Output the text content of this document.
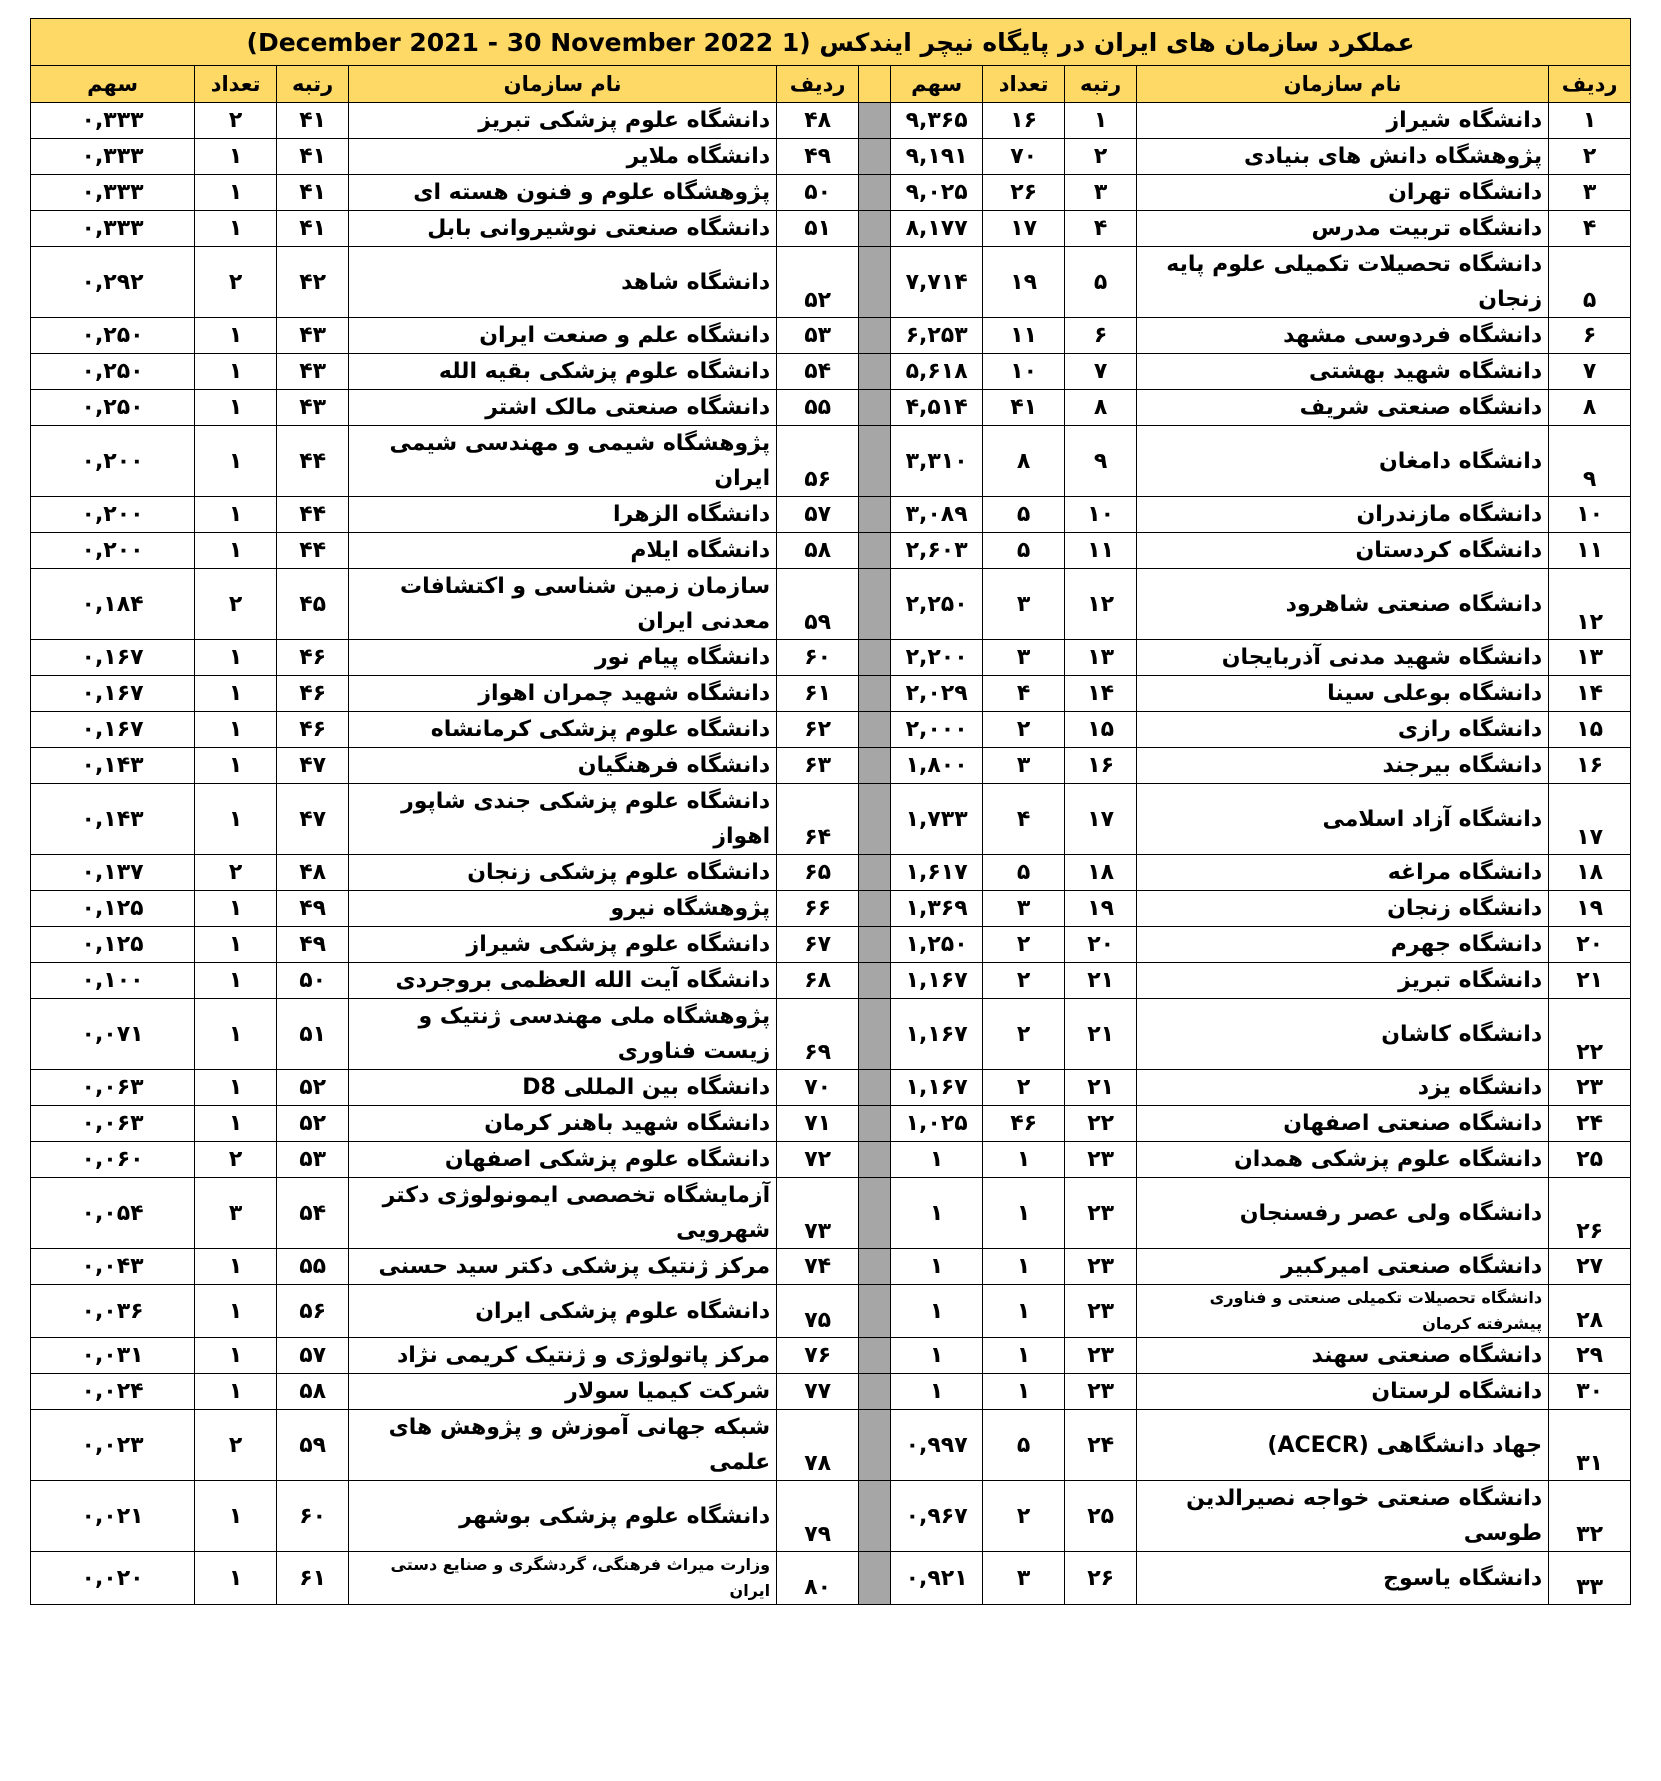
عملکرد سازمان های ایران در پایگاه نیچر ایندکس (1 December 2021 - 30 November 2022)										
ردیف	نام سازمان	رتبه	تعداد	سهم		ردیف	نام سازمان	رتبه	تعداد	سهم
۱	دانشگاه شیراز	۱	۱۶	۹,۳۶۵		۴۸	دانشگاه علوم پزشکی تبریز	۴۱	۲	۰,۳۳۳
۲	پژوهشگاه دانش های بنیادی	۲	۷۰	۹,۱۹۱		۴۹	دانشگاه ملایر	۴۱	۱	۰,۳۳۳
۳	دانشگاه تهران	۳	۲۶	۹,۰۲۵		۵۰	پژوهشگاه علوم و فنون هسته ای	۴۱	۱	۰,۳۳۳
۴	دانشگاه تربیت مدرس	۴	۱۷	۸,۱۷۷		۵۱	دانشگاه صنعتی نوشیروانی بابل	۴۱	۱	۰,۳۳۳
۵	دانشگاه تحصیلات تکمیلی علوم پایه زنجان	۵	۱۹	۷,۷۱۴		۵۲	دانشگاه شاهد	۴۲	۲	۰,۲۹۲
۶	دانشگاه فردوسی مشهد	۶	۱۱	۶,۲۵۳		۵۳	دانشگاه علم و صنعت ایران	۴۳	۱	۰,۲۵۰
۷	دانشگاه شهید بهشتی	۷	۱۰	۵,۶۱۸		۵۴	دانشگاه علوم پزشکی بقیه الله	۴۳	۱	۰,۲۵۰
۸	دانشگاه صنعتی شریف	۸	۴۱	۴,۵۱۴		۵۵	دانشگاه صنعتی مالک اشتر	۴۳	۱	۰,۲۵۰
۹	دانشگاه دامغان	۹	۸	۳,۳۱۰		۵۶	پژوهشگاه شیمی و مهندسی شیمی ایران	۴۴	۱	۰,۲۰۰
۱۰	دانشگاه مازندران	۱۰	۵	۳,۰۸۹		۵۷	دانشگاه الزهرا	۴۴	۱	۰,۲۰۰
۱۱	دانشگاه کردستان	۱۱	۵	۲,۶۰۳		۵۸	دانشگاه ایلام	۴۴	۱	۰,۲۰۰
۱۲	دانشگاه صنعتی شاهرود	۱۲	۳	۲,۲۵۰		۵۹	سازمان زمین شناسی و اکتشافات معدنی ایران	۴۵	۲	۰,۱۸۴
۱۳	دانشگاه شهید مدنی آذربایجان	۱۳	۳	۲,۲۰۰		۶۰	دانشگاه پیام نور	۴۶	۱	۰,۱۶۷
۱۴	دانشگاه بوعلی سینا	۱۴	۴	۲,۰۲۹		۶۱	دانشگاه شهید چمران اهواز	۴۶	۱	۰,۱۶۷
۱۵	دانشگاه رازی	۱۵	۲	۲,۰۰۰		۶۲	دانشگاه علوم پزشکی کرمانشاه	۴۶	۱	۰,۱۶۷
۱۶	دانشگاه بیرجند	۱۶	۳	۱,۸۰۰		۶۳	دانشگاه فرهنگیان	۴۷	۱	۰,۱۴۳
۱۷	دانشگاه آزاد اسلامی	۱۷	۴	۱,۷۳۳		۶۴	دانشگاه علوم پزشکی جندی شاپور اهواز	۴۷	۱	۰,۱۴۳
۱۸	دانشگاه مراغه	۱۸	۵	۱,۶۱۷		۶۵	دانشگاه علوم پزشکی زنجان	۴۸	۲	۰,۱۳۷
۱۹	دانشگاه زنجان	۱۹	۳	۱,۳۶۹		۶۶	پژوهشگاه نیرو	۴۹	۱	۰,۱۲۵
۲۰	دانشگاه جهرم	۲۰	۲	۱,۲۵۰		۶۷	دانشگاه علوم پزشکی شیراز	۴۹	۱	۰,۱۲۵
۲۱	دانشگاه تبریز	۲۱	۲	۱,۱۶۷		۶۸	دانشگاه آیت الله العظمی بروجردی	۵۰	۱	۰,۱۰۰
۲۲	دانشگاه کاشان	۲۱	۲	۱,۱۶۷		۶۹	پژوهشگاه ملی مهندسی ژنتیک و زیست فناوری	۵۱	۱	۰,۰۷۱
۲۳	دانشگاه یزد	۲۱	۲	۱,۱۶۷		۷۰	دانشگاه بین المللی D8	۵۲	۱	۰,۰۶۳
۲۴	دانشگاه صنعتی اصفهان	۲۲	۴۶	۱,۰۲۵		۷۱	دانشگاه شهید باهنر کرمان	۵۲	۱	۰,۰۶۳
۲۵	دانشگاه علوم پزشکی همدان	۲۳	۱	۱		۷۲	دانشگاه علوم پزشکی اصفهان	۵۳	۲	۰,۰۶۰
۲۶	دانشگاه ولی عصر رفسنجان	۲۳	۱	۱		۷۳	آزمایشگاه تخصصی ایمونولوژی دکتر شهرویی	۵۴	۳	۰,۰۵۴
۲۷	دانشگاه صنعتی امیرکبیر	۲۳	۱	۱		۷۴	مرکز ژنتیک پزشکی دکتر سید حسنی	۵۵	۱	۰,۰۴۳
۲۸	دانشگاه تحصیلات تکمیلی صنعتی و فناوری پیشرفته کرمان	۲۳	۱	۱		۷۵	دانشگاه علوم پزشکی ایران	۵۶	۱	۰,۰۳۶
۲۹	دانشگاه صنعتی سهند	۲۳	۱	۱		۷۶	مرکز پاتولوژی و ژنتیک کریمی نژاد	۵۷	۱	۰,۰۳۱
۳۰	دانشگاه لرستان	۲۳	۱	۱		۷۷	شرکت کیمیا سولار	۵۸	۱	۰,۰۲۴
۳۱	جهاد دانشگاهی (ACECR)	۲۴	۵	۰,۹۹۷		۷۸	شبکه جهانی آموزش و پژوهش های علمی	۵۹	۲	۰,۰۲۳
۳۲	دانشگاه صنعتی خواجه نصیرالدین طوسی	۲۵	۲	۰,۹۶۷		۷۹	دانشگاه علوم پزشکی بوشهر	۶۰	۱	۰,۰۲۱
۳۳	دانشگاه یاسوج	۲۶	۳	۰,۹۲۱		۸۰	وزارت میراث فرهنگی، گردشگری و صنایع دستی ایران	۶۱	۱	۰,۰۲۰
